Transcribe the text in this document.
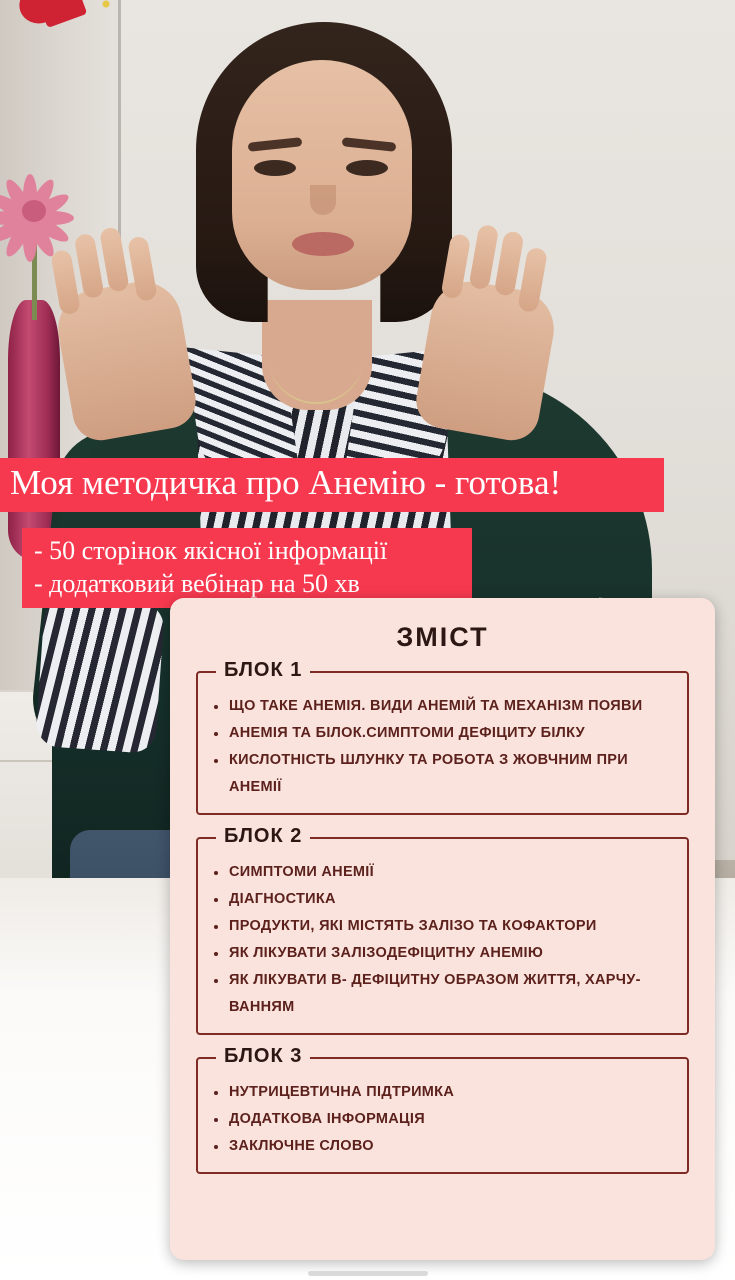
Моя методичка про Анемію - готова!
- 50 сторінок якісної інформації
- додатковий вебінар на 50 хв
ЗМІСТ
БЛОК 1
ЩО ТАКЕ АНЕМІЯ. ВИДИ АНЕМІЙ ТА МЕХАНІЗМ ПОЯВИ
АНЕМІЯ ТА БІЛОК.СИМПТОМИ ДЕФІЦИТУ БІЛКУ
КИСЛОТНІСТЬ ШЛУНКУ ТА РОБОТА З ЖОВЧНИМ ПРИ АНЕМІЇ
БЛОК 2
СИМПТОМИ АНЕМІЇ
ДІАГНОСТИКА
ПРОДУКТИ, ЯКІ МІСТЯТЬ ЗАЛІЗО ТА КОФАКТОРИ
ЯК ЛІКУВАТИ ЗАЛІЗОДЕФІЦИТНУ АНЕМІЮ
ЯК ЛІКУВАТИ В- ДЕФІЦИТНУ ОБРАЗОМ ЖИТТЯ, ХАРЧУ-ВАННЯМ
БЛОК 3
НУТРИЦЕВТИЧНА ПІДТРИМКА
ДОДАТКОВА ІНФОРМАЦІЯ
ЗАКЛЮЧНЕ СЛОВО
